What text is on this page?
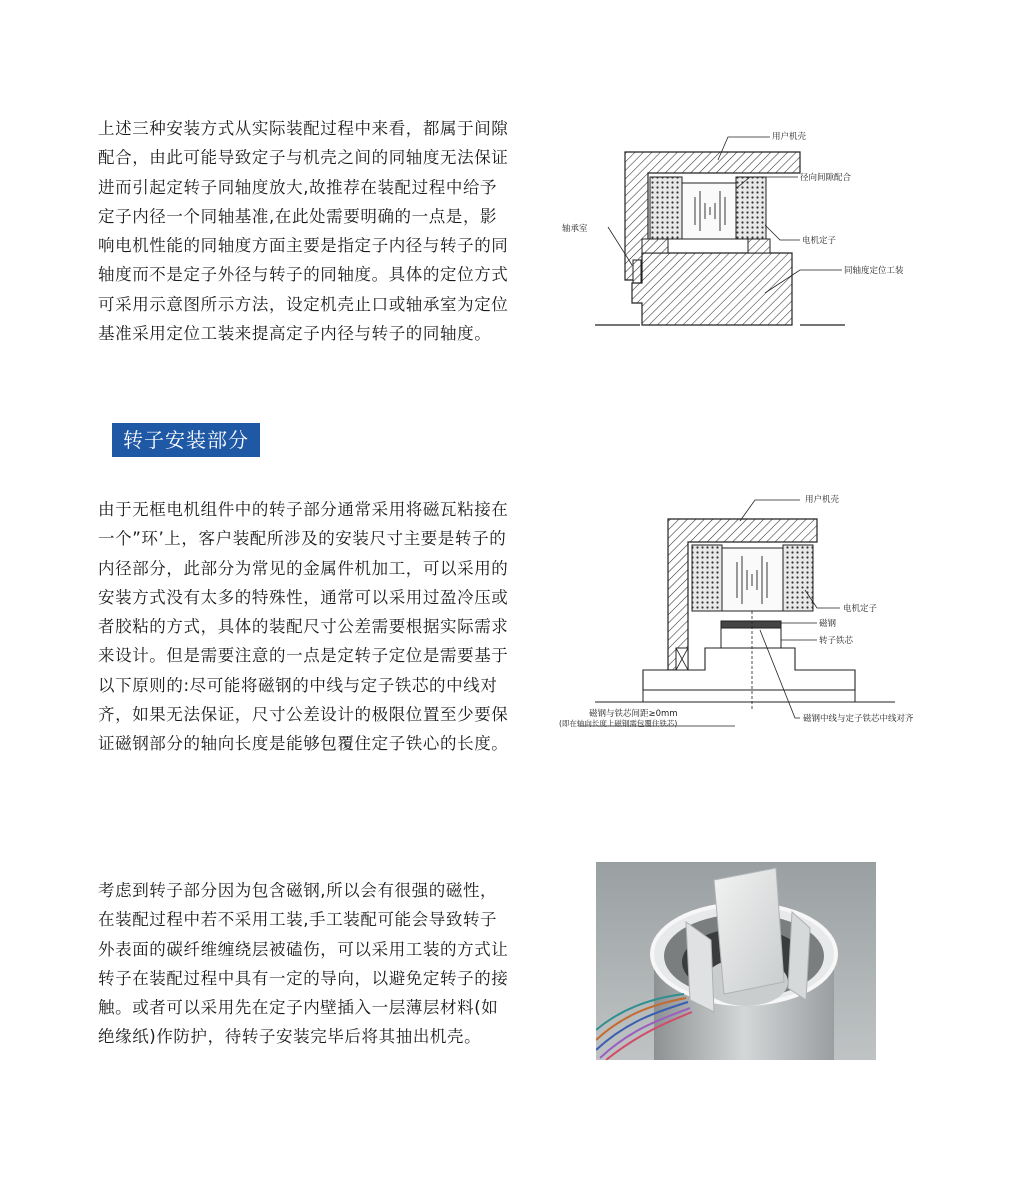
上述三种安装方式从实际装配过程中来看，都属于间隙
配合，由此可能导致定子与机壳之间的同轴度无法保证
进而引起定转子同轴度放大,故推荐在装配过程中给予
定子内径一个同轴基准,在此处需要明确的一点是，影
响电机性能的同轴度方面主要是指定子内径与转子的同
轴度而不是定子外径与转子的同轴度。具体的定位方式
可采用示意图所示方法，设定机壳止口或轴承室为定位
基准采用定位工装来提高定子内径与转子的同轴度。
用户机壳
径向间隙配合
轴承室
电机定子
同轴度定位工装
转子安装部分
由于无框电机组件中的转子部分通常采用将磁瓦粘接在
一个”环’上，客户装配所涉及的安装尺寸主要是转子的
内径部分，此部分为常见的金属件机加工，可以采用的
安装方式没有太多的特殊性，通常可以采用过盈冷压或
者胶粘的方式，具体的装配尺寸公差需要根据实际需求
来设计。但是需要注意的一点是定转子定位是需要基于
以下原则的:尽可能将磁钢的中线与定子铁芯的中线对
齐，如果无法保证，尺寸公差设计的极限位置至少要保
证磁钢部分的轴向长度是能够包覆住定子铁心的长度。
用户机壳
电机定子
磁钢
转子铁芯
磁钢与铁芯间距≥0mm
(即在轴向长度上磁钢需包覆住铁芯)	磁钢中线与定子铁芯中线对齐
考虑到转子部分因为包含磁钢,所以会有很强的磁性，
在装配过程中若不采用工装,手工装配可能会导致转子
外表面的碳纤维缠绕层被磕伤，可以采用工装的方式让
转子在装配过程中具有一定的导向，以避免定转子的接
触。或者可以采用先在定子内壁插入一层薄层材料(如
绝缘纸)作防护，待转子安装完毕后将其抽出机壳。
